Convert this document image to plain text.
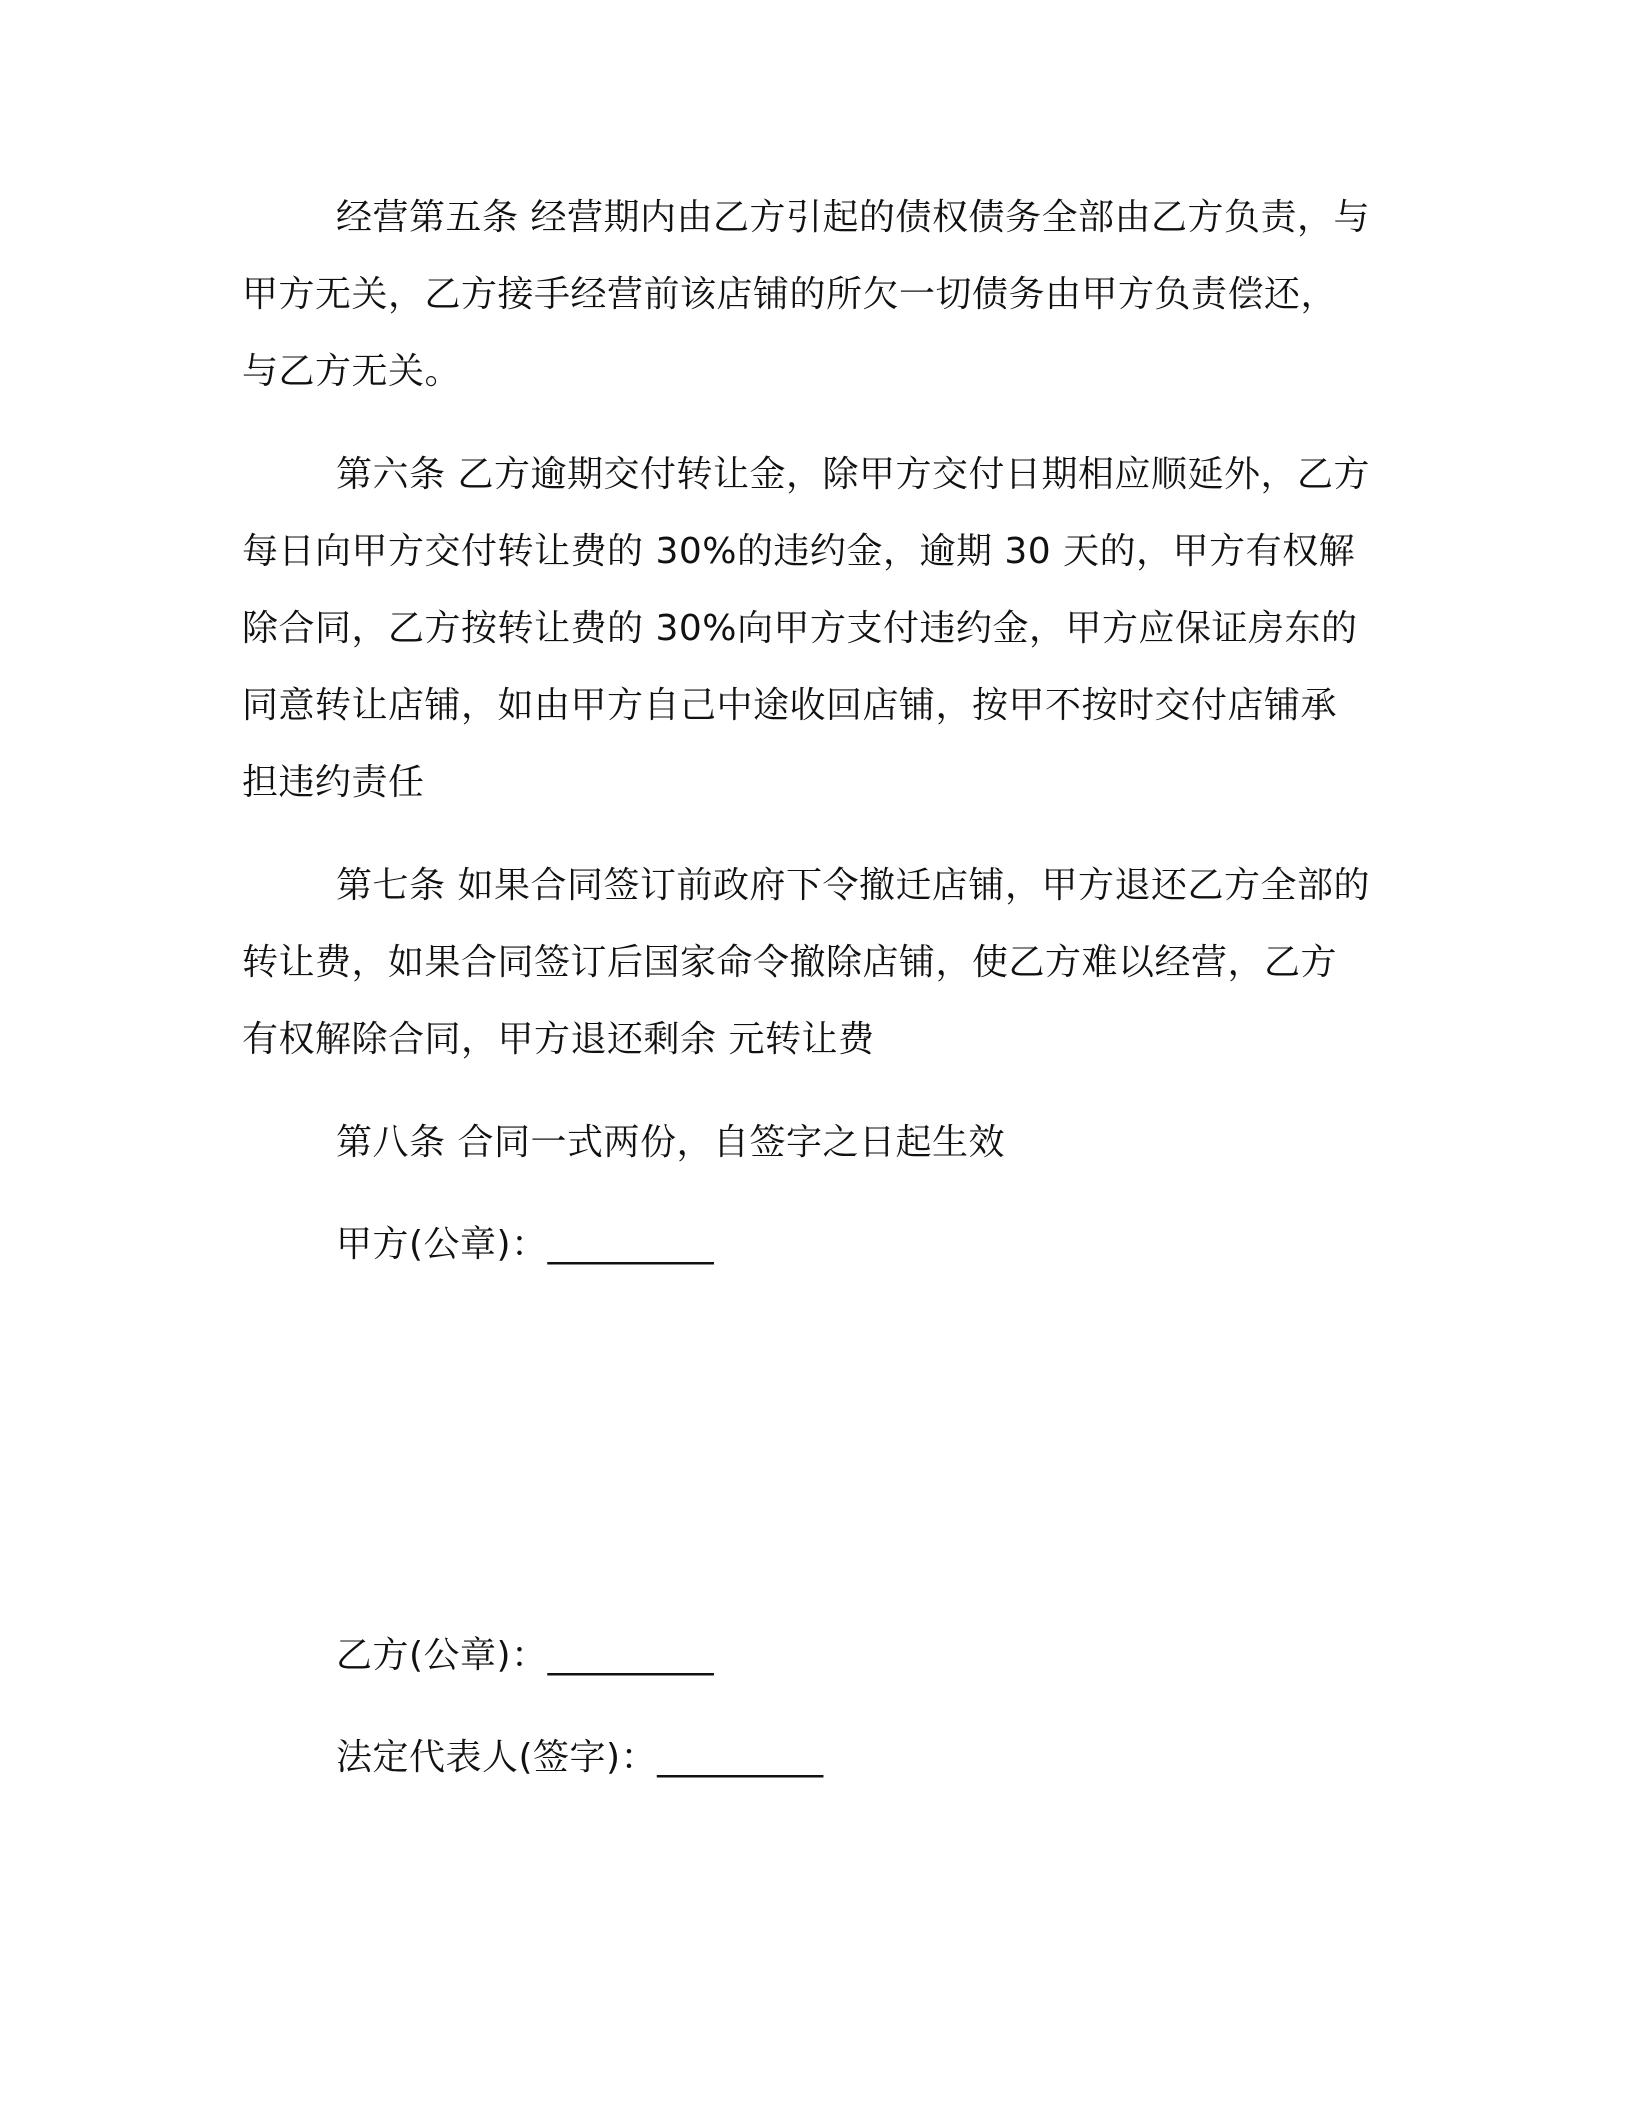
经营第五条 经营期内由乙方引起的债权债务全部由乙方负责，与
甲方无关，乙方接手经营前该店铺的所欠一切债务由甲方负责偿还，
与乙方无关。
第六条 乙方逾期交付转让金，除甲方交付日期相应顺延外，乙方
每日向甲方交付转让费的 30%的违约金，逾期 30 天的，甲方有权解
除合同，乙方按转让费的 30%向甲方支付违约金，甲方应保证房东的
同意转让店铺，如由甲方自己中途收回店铺，按甲不按时交付店铺承
担违约责任
第七条 如果合同签订前政府下令撤迁店铺，甲方退还乙方全部的
转让费，如果合同签订后国家命令撤除店铺，使乙方难以经营，乙方
有权解除合同，甲方退还剩余 元转让费
第八条 合同一式两份，自签字之日起生效
甲方(公章)：_________
乙方(公章)：_________
法定代表人(签字)：_________
